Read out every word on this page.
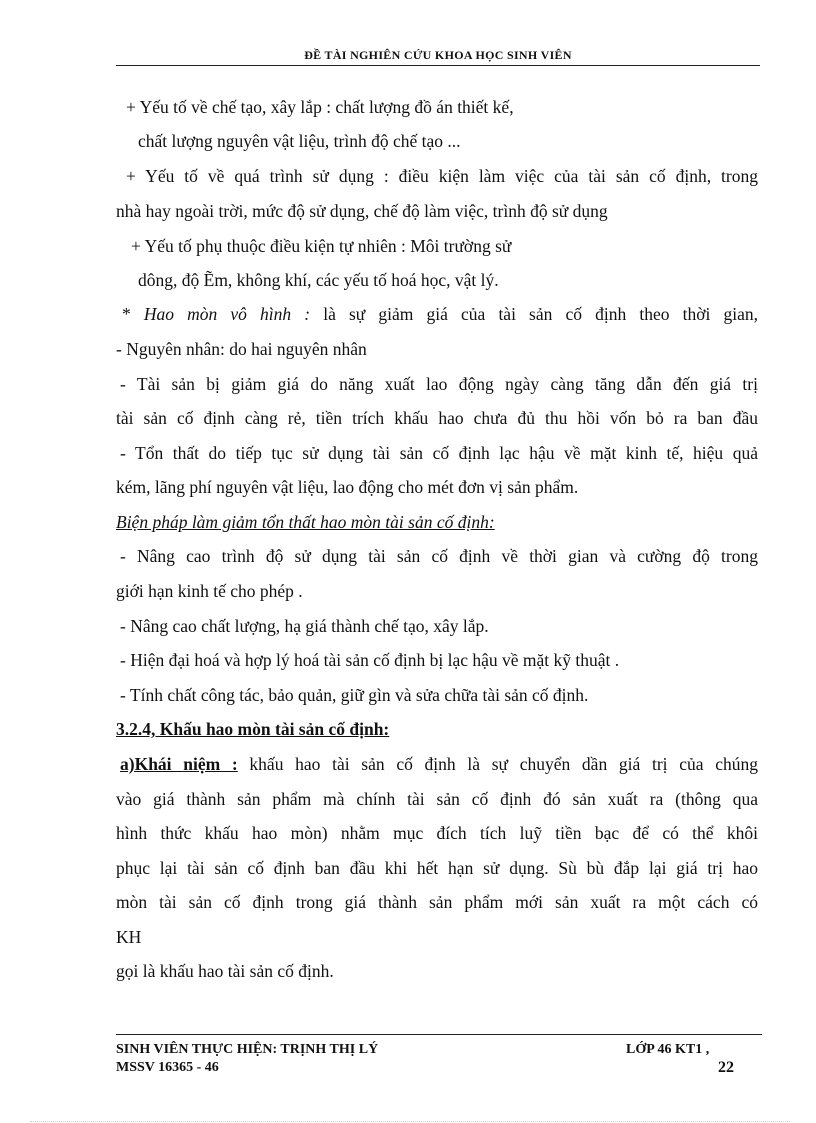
ĐỀ TÀI NGHIÊN CỨU KHOA HỌC SINH VIÊN
+ Yếu tố về chế tạo, xây lắp : chất lượng đồ án thiết kế,
chất lượng nguyên vật liệu, trình độ chế tạo ...
+ Yếu tố về quá trình sử dụng : điều kiện làm việc của tài sản cố định, trong
nhà hay ngoài trời, mức độ sử dụng, chế độ làm việc, trình độ sử dụng
+ Yếu tố phụ thuộc điều kiện tự nhiên : Môi trường sử
dông, độ Ẽm, không khí, các yếu tố hoá học, vật lý.
* Hao mòn vô hình : là sự giảm giá của tài sản cố định theo thời gian,
- Nguyên nhân: do hai nguyên nhân
- Tài sản bị giảm giá do năng xuất lao động ngày càng tăng dẫn đến giá trị
tài sản cố định càng rẻ, tiền trích khấu hao chưa đủ thu hồi vốn bỏ ra ban đầu
- Tổn thất do tiếp tục sử dụng tài sản cố định lạc hậu về mặt kinh tế, hiệu quả
kém, lãng phí nguyên vật liệu, lao động cho mét đơn vị sản phẩm.
Biện pháp làm giảm tổn thất hao mòn tài sản cố định:
- Nâng cao trình độ sử dụng tài sản cố định về thời gian và cường độ trong
giới hạn kinh tế cho phép .
- Nâng cao chất lượng, hạ giá thành chế tạo, xây lắp.
- Hiện đại hoá và hợp lý hoá tài sản cố định bị lạc hậu về mặt kỹ thuật .
- Tính chất công tác, bảo quản, giữ gìn và sửa chữa tài sản cố định.
3.2.4, Khấu hao mòn tài sản cố định:
a)Khái niệm : khấu hao tài sản cố định là sự chuyển dần giá trị của chúng
vào giá thành sản phẩm mà chính tài sản cố định đó sản xuất ra (thông qua
hình thức khấu hao mòn) nhằm mục đích tích luỹ tiền bạc để có thể khôi
phục lại tài sản cố định ban đầu khi hết hạn sử dụng. Sù bù đắp lại giá trị hao
mòn tài sản cố định trong giá thành sản phẩm mới sản xuất ra một cách có
KH
gọi là khấu hao tài sản cố định.
SINH VIÊN THỰC HIỆN: TRỊNH THỊ LÝ
MSSV 16365 - 46
LỚP 46 KT1 ,
22
